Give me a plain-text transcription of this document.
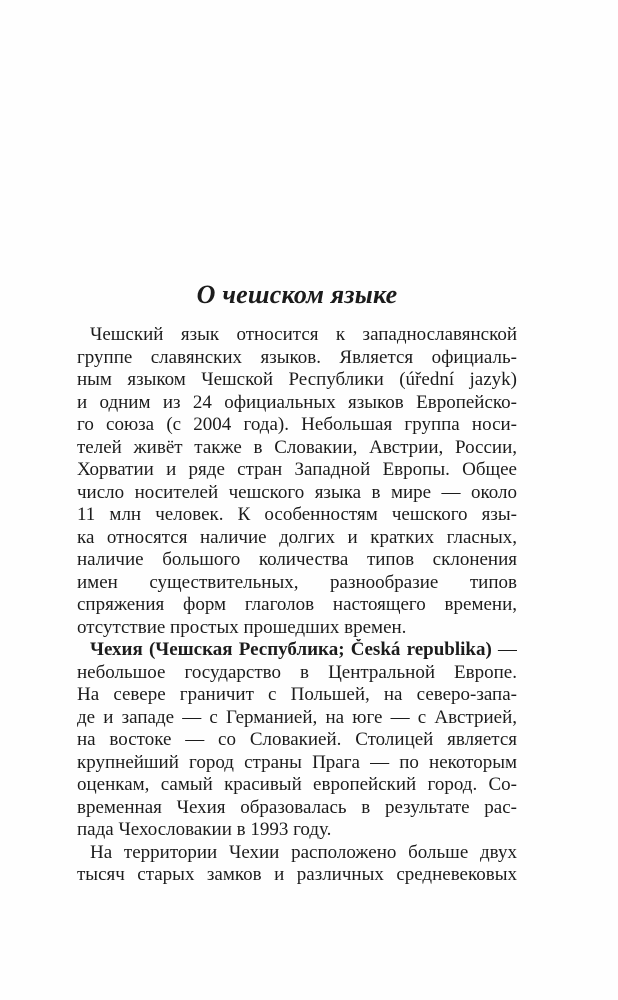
О чешском языке
Чешский язык относится к западнославянской
группе славянских языков. Является официаль-
ным языком Чешской Республики (úřední jazyk)
и одним из 24 официальных языков Европейско-
го союза (с 2004 года). Небольшая группа носи-
телей живёт также в Словакии, Австрии, России,
Хорватии и ряде стран Западной Европы. Общее
число носителей чешского языка в мире — около
11 млн человек. К особенностям чешского язы-
ка относятся наличие долгих и кратких гласных,
наличие большого количества типов склонения
имен существительных, разнообразие типов
спряжения форм глаголов настоящего времени,
отсутствие простых прошедших времен.
Чехия (Чешская Республика; Česká republika) —
небольшое государство в Центральной Европе.
На севере граничит с Польшей, на северо-запа-
де и западе — с Германией, на юге — с Австрией,
на востоке — со Словакией. Столицей является
крупнейший город страны Прага — по некоторым
оценкам, самый красивый европейский город. Со-
временная Чехия образовалась в результате рас-
пада Чехословакии в 1993 году.
На территории Чехии расположено больше двух
тысяч старых замков и различных средневековых
